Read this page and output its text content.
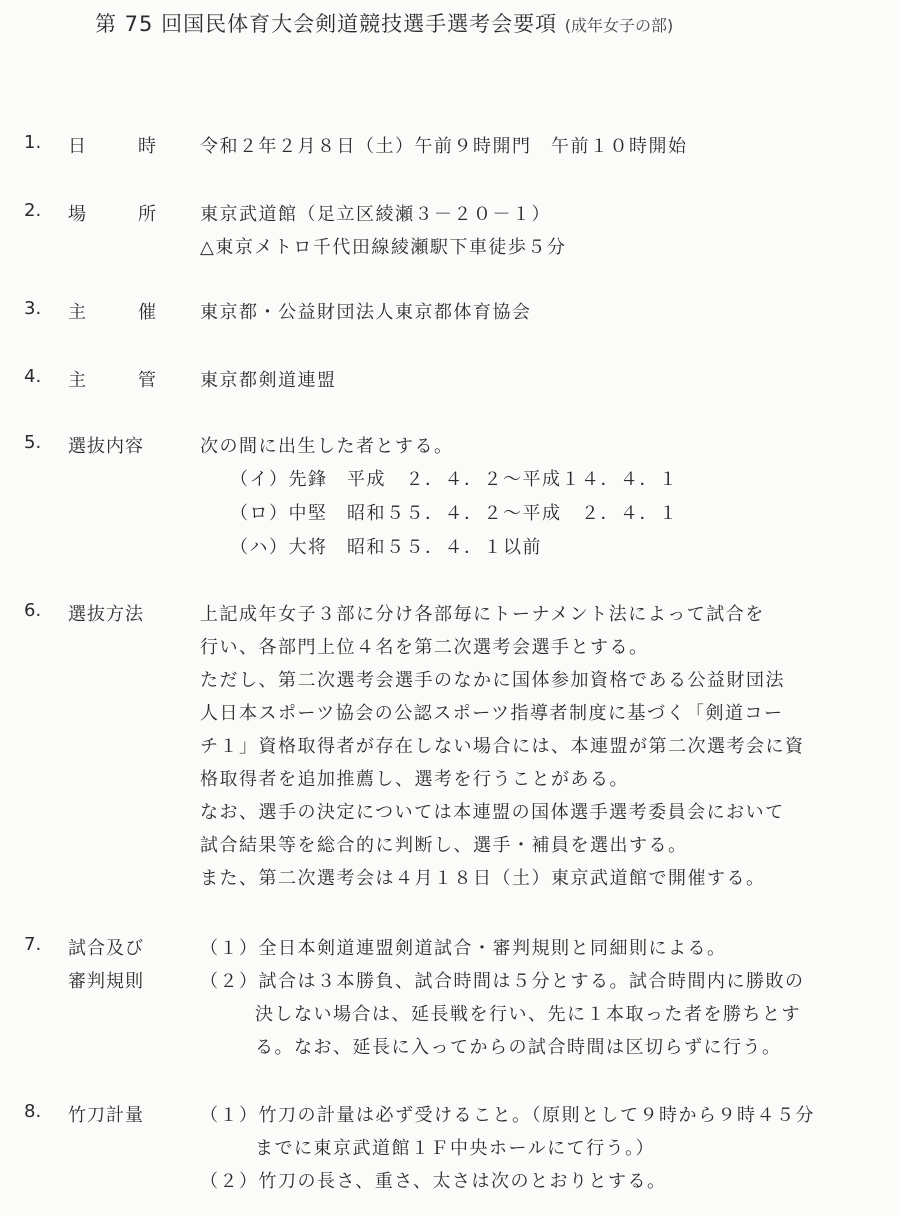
第 75 回国民体育大会剣道競技選手選考会要項 (成年女子の部)
1. 日	時 令和２年２月８日（土）午前９時開門　午前１０時開始
2. 場	所 東京武道館（足立区綾瀬３－２０－１）
△東京メトロ千代田線綾瀬駅下車徒歩５分
3. 主	催 東京都・公益財団法人東京都体育協会
4. 主	管 東京都剣道連盟
5. 選抜内容	次の間に出生した者とする。
（イ）先鋒　平成　２．４．２～平成１４．４．１
（ロ）中堅　昭和５５．４．２～平成　２．４．１
（ハ）大将　昭和５５．４．１以前
6. 選抜方法	上記成年女子３部に分け各部毎にトーナメント法によって試合を
行い、各部門上位４名を第二次選考会選手とする。
ただし、第二次選考会選手のなかに国体参加資格である公益財団法
人日本スポーツ協会の公認スポーツ指導者制度に基づく「剣道コー
チ１」資格取得者が存在しない場合には、本連盟が第二次選考会に資
格取得者を追加推薦し、選考を行うことがある。
なお、選手の決定については本連盟の国体選手選考委員会において
試合結果等を総合的に判断し、選手・補員を選出する。
また、第二次選考会は４月１８日（土）東京武道館で開催する。
7. 試合及び
審判規則
（１）全日本剣道連盟剣道試合・審判規則と同細則による。
（２）試合は３本勝負、試合時間は５分とする。試合時間内に勝敗の
決しない場合は、延長戦を行い、先に１本取った者を勝ちとす
る。なお、延長に入ってからの試合時間は区切らずに行う。
8. 竹刀計量	（１）竹刀の計量は必ず受けること。（原則として９時から９時４５分
までに東京武道館１Ｆ中央ホールにて行う。）
（２）竹刀の長さ、重さ、太さは次のとおりとする。
